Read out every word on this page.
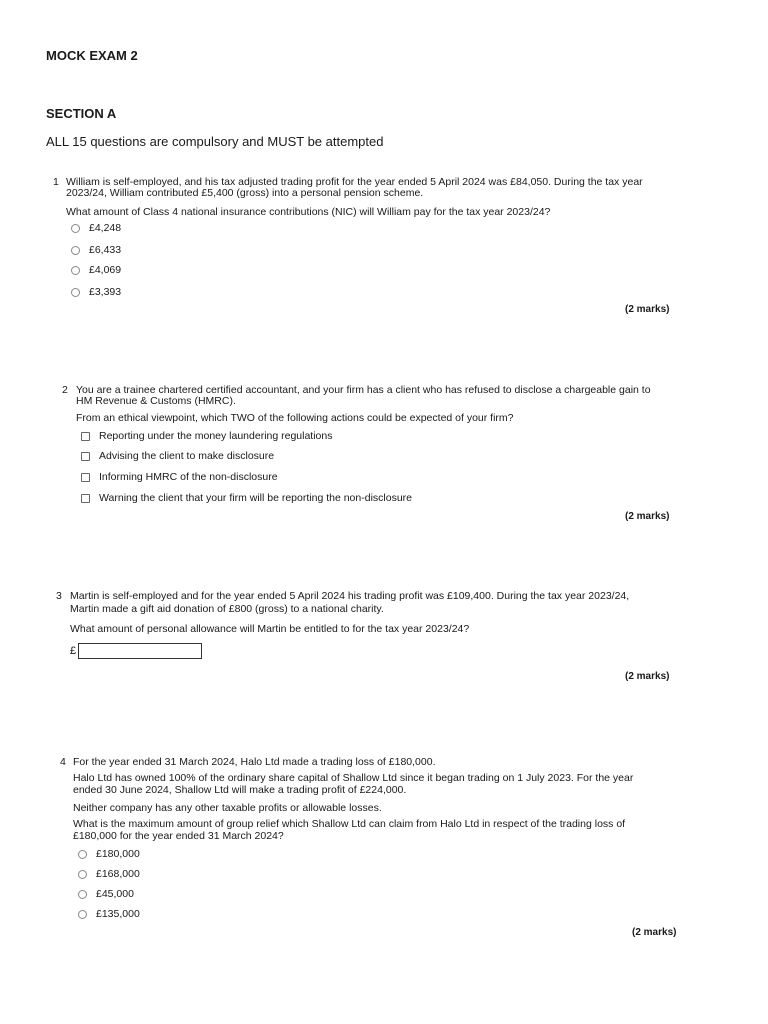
MOCK EXAM 2
SECTION A
ALL 15 questions are compulsory and MUST be attempted
1 William is self-employed, and his tax adjusted trading profit for the year ended 5 April 2024 was £84,050. During the tax year
2023/24, William contributed £5,400 (gross) into a personal pension scheme.
What amount of Class 4 national insurance contributions (NIC) will William pay for the tax year 2023/24?
£4,248
£6,433
£4,069
£3,393
(2 marks)
2 You are a trainee chartered certified accountant, and your firm has a client who has refused to disclose a chargeable gain to
HM Revenue & Customs (HMRC).
From an ethical viewpoint, which TWO of the following actions could be expected of your firm?
Reporting under the money laundering regulations
Advising the client to make disclosure
Informing HMRC of the non-disclosure
Warning the client that your firm will be reporting the non-disclosure
(2 marks)
3 Martin is self-employed and for the year ended 5 April 2024 his trading profit was £109,400. During the tax year 2023/24,
Martin made a gift aid donation of £800 (gross) to a national charity.
What amount of personal allowance will Martin be entitled to for the tax year 2023/24?
£
(2 marks)
4 For the year ended 31 March 2024, Halo Ltd made a trading loss of £180,000.
Halo Ltd has owned 100% of the ordinary share capital of Shallow Ltd since it began trading on 1 July 2023. For the year
ended 30 June 2024, Shallow Ltd will make a trading profit of £224,000.
Neither company has any other taxable profits or allowable losses.
What is the maximum amount of group relief which Shallow Ltd can claim from Halo Ltd in respect of the trading loss of
£180,000 for the year ended 31 March 2024?
£180,000
£168,000
£45,000
£135,000
(2 marks)
